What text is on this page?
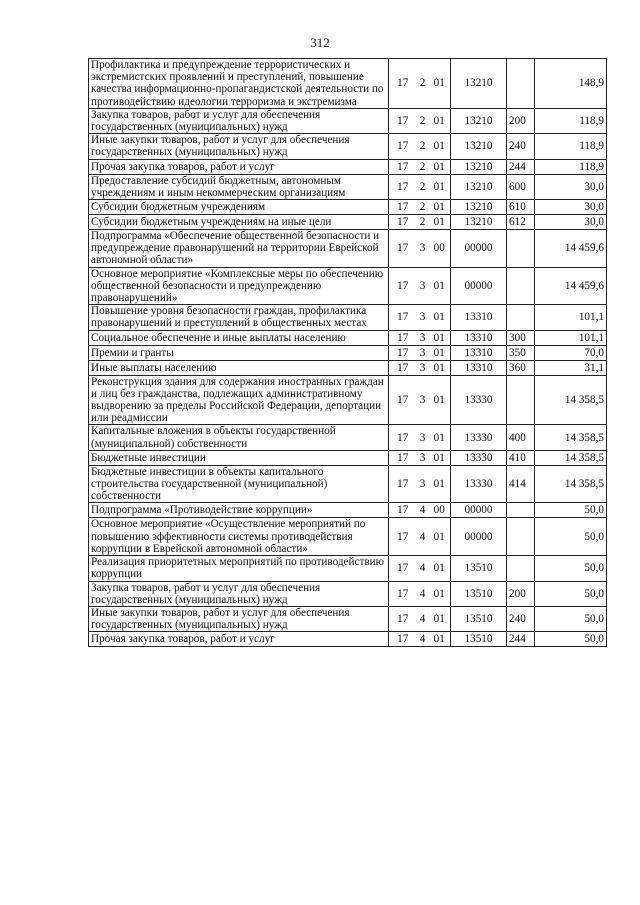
312
Профилактика и предупреждение террористических и экстремистских проявлений и преступлений, повышение качества информационно-пропагандистской деятельности по противодействию идеологии терроризма и экстремизма	17	2	01	13210		148,9
Закупка товаров, работ и услуг для обеспечения государственных (муниципальных) нужд	17	2	01	13210	200	118,9
Иные закупки товаров, работ и услуг для обеспечения государственных (муниципальных) нужд	17	2	01	13210	240	118,9
Прочая закупка товаров, работ и услуг	17	2	01	13210	244	118,9
Предоставление субсидий бюджетным, автономным учреждениям и иным некоммерческим организациям	17	2	01	13210	600	30,0
Субсидии бюджетным учреждениям	17	2	01	13210	610	30,0
Субсидии бюджетным учреждениям на иные цели	17	2	01	13210	612	30,0
Подпрограмма «Обеспечение общественной безопасности и предупреждение правонарушений на территории Еврейской автономной области»	17	3	00	00000		14 459,6
Основное мероприятие «Комплексные меры по обеспечению общественной безопасности и предупреждению правонарушений»	17	3	01	00000		14 459,6
Повышение уровня безопасности граждан, профилактика правонарушений и преступлений в общественных местах	17	3	01	13310		101,1
Социальное обеспечение и иные выплаты населению	17	3	01	13310	300	101,1
Премии и гранты	17	3	01	13310	350	70,0
Иные выплаты населению	17	3	01	13310	360	31,1
Реконструкция здания для содержания иностранных граждан и лиц без гражданства, подлежащих административному выдворению за пределы Российской Федерации, депортации или реадмиссии	17	3	01	13330		14 358,5
Капитальные вложения в объекты государственной (муниципальной) собственности	17	3	01	13330	400	14 358,5
Бюджетные инвестиции	17	3	01	13330	410	14 358,5
Бюджетные инвестиции в объекты капитального строительства государственной (муниципальной) собственности	17	3	01	13330	414	14 358,5
Подпрограмма «Противодействие коррупции»	17	4	00	00000		50,0
Основное мероприятие «Осуществление мероприятий по повышению эффективности системы противодействия коррупции в Еврейской автономной области»	17	4	01	00000		50,0
Реализация приоритетных мероприятий по противодействию коррупции	17	4	01	13510		50,0
Закупка товаров, работ и услуг для обеспечения государственных (муниципальных) нужд	17	4	01	13510	200	50,0
Иные закупки товаров, работ и услуг для обеспечения государственных (муниципальных) нужд	17	4	01	13510	240	50,0
Прочая закупка товаров, работ и услуг	17	4	01	13510	244	50,0
